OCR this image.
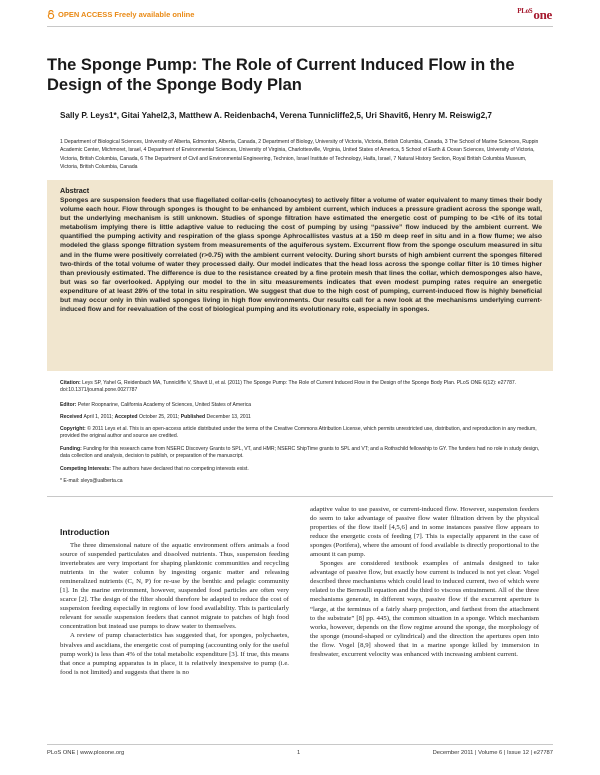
OPEN ACCESS Freely available online	$^{PLoS}$one
The Sponge Pump: The Role of Current Induced Flow in the Design of the Sponge Body Plan
Sally P. Leys1*, Gitai Yahel2,3, Matthew A. Reidenbach4, Verena Tunnicliffe2,5, Uri Shavit6, Henry M. Reiswig2,7
1 Department of Biological Sciences, University of Alberta, Edmonton, Alberta, Canada, 2 Department of Biology, University of Victoria, Victoria, British Columbia, Canada, 3 The School of Marine Sciences, Ruppin Academic Center, Michmoret, Israel, 4 Department of Environmental Sciences, University of Virginia, Charlottesville, Virginia, United States of America, 5 School of Earth & Ocean Sciences, University of Victoria, Victoria, British Columbia, Canada, 6 The Department of Civil and Environmental Engineering, Technion, Israel Institute of Technology, Haifa, Israel, 7 Natural History Section, Royal British Columbia Museum, Victoria, British Columbia, Canada
Abstract
Sponges are suspension feeders that use flagellated collar-cells (choanocytes) to actively filter a volume of water equivalent to many times their body volume each hour. Flow through sponges is thought to be enhanced by ambient current, which induces a pressure gradient across the sponge wall, but the underlying mechanism is still unknown. Studies of sponge filtration have estimated the energetic cost of pumping to be <1% of its total metabolism implying there is little adaptive value to reducing the cost of pumping by using “passive” flow induced by the ambient current. We quantified the pumping activity and respiration of the glass sponge Aphrocallistes vastus at a 150 m deep reef in situ and in a flow flume; we also modeled the glass sponge filtration system from measurements of the aquiferous system. Excurrent flow from the sponge osculum measured in situ and in the flume were positively correlated (r>0.75) with the ambient current velocity. During short bursts of high ambient current the sponges filtered two-thirds of the total volume of water they processed daily. Our model indicates that the head loss across the sponge collar filter is 10 times higher than previously estimated. The difference is due to the resistance created by a fine protein mesh that lines the collar, which demosponges also have, but was so far overlooked. Applying our model to the in situ measurements indicates that even modest pumping rates require an energetic expenditure of at least 28% of the total in situ respiration. We suggest that due to the high cost of pumping, current-induced flow is highly beneficial but may occur only in thin walled sponges living in high flow environments. Our results call for a new look at the mechanisms underlying current-induced flow and for reevaluation of the cost of biological pumping and its evolutionary role, especially in sponges.
Citation: Leys SP, Yahel G, Reidenbach MA, Tunnicliffe V, Shavit U, et al. (2011) The Sponge Pump: The Role of Current Induced Flow in the Design of the Sponge Body Plan. PLoS ONE 6(12): e27787. doi:10.1371/journal.pone.0027787
Editor: Peter Roopnarine, California Academy of Sciences, United States of America
Received April 1, 2011; Accepted October 25, 2011; Published December 13, 2011
Copyright: © 2011 Leys et al. This is an open-access article distributed under the terms of the Creative Commons Attribution License, which permits unrestricted use, distribution, and reproduction in any medium, provided the original author and source are credited.
Funding: Funding for this research came from NSERC Discovery Grants to SPL, VT, and HMR; NSERC ShipTime grants to SPL and VT; and a Rothschild fellowship to GY. The funders had no role in study design, data collection and analysis, decision to publish, or preparation of the manuscript.
Competing Interests: The authors have declared that no competing interests exist.
* E-mail: sleys@ualberta.ca
Introduction
The three dimensional nature of the aquatic environment offers animals a food source of suspended particulates and dissolved nutrients. Thus, suspension feeding invertebrates are very important for shaping planktonic communities and recycling nutrients in the water column by ingesting organic matter and releasing remineralized nutrients (C, N, P) for re-use by the benthic and pelagic community [1]. In the marine environment, however, suspended food particles are often very scarce [2]. The design of the filter should therefore be adapted to reduce the cost of suspension feeding especially in regions of low food availability. This is particularly relevant for sessile suspension feeders that cannot migrate to patches of high food concentration but instead use pumps to draw water to themselves.
A review of pump characteristics has suggested that, for sponges, polychaetes, bivalves and ascidians, the energetic cost of pumping (accounting only for the useful pump work) is less than 4% of the total metabolic expenditure [3]. If true, this means that once a pumping apparatus is in place, it is relatively inexpensive to pump (i.e. food is not limited) and suggests that there is no
adaptive value to use passive, or current-induced flow. However, suspension feeders do seem to take advantage of passive flow water filtration driven by the physical properties of the flow itself [4,5,6] and in some instances passive flow appears to reduce the energetic costs of feeding [7]. This is especially apparent in the case of sponges (Porifera), where the amount of food available is directly proportional to the amount it can pump.
Sponges are considered textbook examples of animals designed to take advantage of passive flow, but exactly how current is induced is not yet clear. Vogel described three mechanisms which could lead to induced current, two of which were related to the Bernoulli equation and the third to viscous entrainment. All of the three mechanisms generate, in different ways, passive flow if the excurrent aperture is “large, at the terminus of a fairly sharp projection, and farthest from the attachment to the substrate” [8] pp. 445), the common situation in a sponge. Which mechanism works, however, depends on the flow regime around the sponge, the morphology of the sponge (mound-shaped or cylindrical) and the direction the apertures open into the flow. Vogel [8,9] showed that in a marine sponge killed by immersion in freshwater, excurrent velocity was enhanced with increasing ambient current.
PLoS ONE | www.plosone.org	1	December 2011 | Volume 6 | Issue 12 | e27787
